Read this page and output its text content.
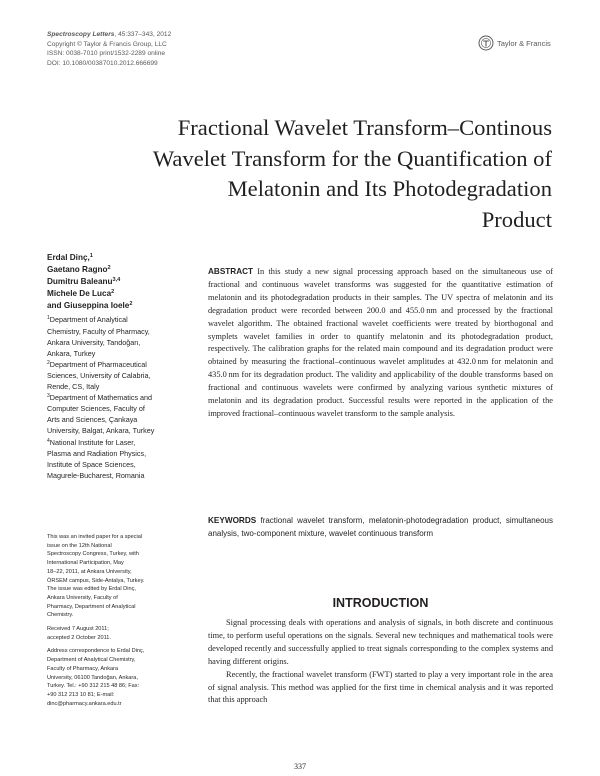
Spectroscopy Letters, 45:337–343, 2012
Copyright © Taylor & Francis Group, LLC
ISSN: 0038-7010 print/1532-2289 online
DOI: 10.1080/00387010.2012.666699
Taylor & Francis
Fractional Wavelet Transform–Continous
Wavelet Transform for the Quantification of
Melatonin and Its Photodegradation
Product
Erdal Dinç,$^1$
Gaetano Ragno$^2$
Dumitru Baleanu$^{3,4}$
Michele De Luca$^2$
and Giuseppina Ioele$^2$
$^1$Department of Analytical
Chemistry, Faculty of Pharmacy,
Ankara University, Tandoğan,
Ankara, Turkey
$^2$Department of Pharmaceutical
Sciences, University of Calabria,
Rende, CS, Italy
$^3$Department of Mathematics and
Computer Sciences, Faculty of
Arts and Sciences, Çankaya
University, Balgat, Ankara, Turkey
$^4$National Institute for Laser,
Plasma and Radiation Physics,
Institute of Space Sciences,
Magurele-Bucharest, Romania
This was an invited paper for a special
issue on the 12th National
Spectroscopy Congress, Turkey, with
International Participation, May
18–22, 2011, at Ankara University,
ÖRSEM campus, Side-Antalya, Turkey.
The issue was edited by Erdal Dinç,
Ankara University, Faculty of
Pharmacy, Department of Analytical
Chemistry.
Received 7 August 2011;
accepted 2 October 2011.
Address correspondence to Erdal Dinç,
Department of Analytical Chemistry,
Faculty of Pharmacy, Ankara
University, 06100 Tandoğan, Ankara,
Turkey. Tel.: +90 312 215 48 86; Fax:
+90 312 213 10 81; E-mail:
dinc@pharmacy.ankara.edu.tr
ABSTRACT In this study a new signal processing approach based on the simultaneous use of fractional and continuous wavelet transforms was suggested for the quantitative estimation of melatonin and its photodegradation products in their samples. The UV spectra of melatonin and its degradation product were recorded between 200.0 and 455.0 nm and processed by the fractional wavelet algorithm. The obtained fractional wavelet coefficients were treated by biorthogonal and symplets wavelet families in order to quantify melatonin and its photodegradation product, respectively. The calibration graphs for the related main compound and its degradation product were obtained by measuring the fractional–continuous wavelet amplitudes at 432.0 nm for melatonin and 435.0 nm for its degradation product. The validity and applicability of the double transforms based on fractional and continuous wavelets were confirmed by analyzing various synthetic mixtures of melatonin and its degradation product. Successful results were reported in the application of the improved fractional–continuous wavelet transform to the sample analysis.
KEYWORDS fractional wavelet transform, melatonin-photodegradation product, simultaneous analysis, two-component mixture, wavelet continuous transform
INTRODUCTION

Signal processing deals with operations and analysis of signals, in both discrete and continuous time, to perform useful operations on the signals. Several new techniques and mathematical tools were developed recently and successfully applied to treat signals corresponding to the complex systems and having different origins.

Recently, the fractional wavelet transform (FWT) started to play a very important role in the area of signal analysis. This method was applied for the first time in chemical analysis and it was reported that this approach

337
